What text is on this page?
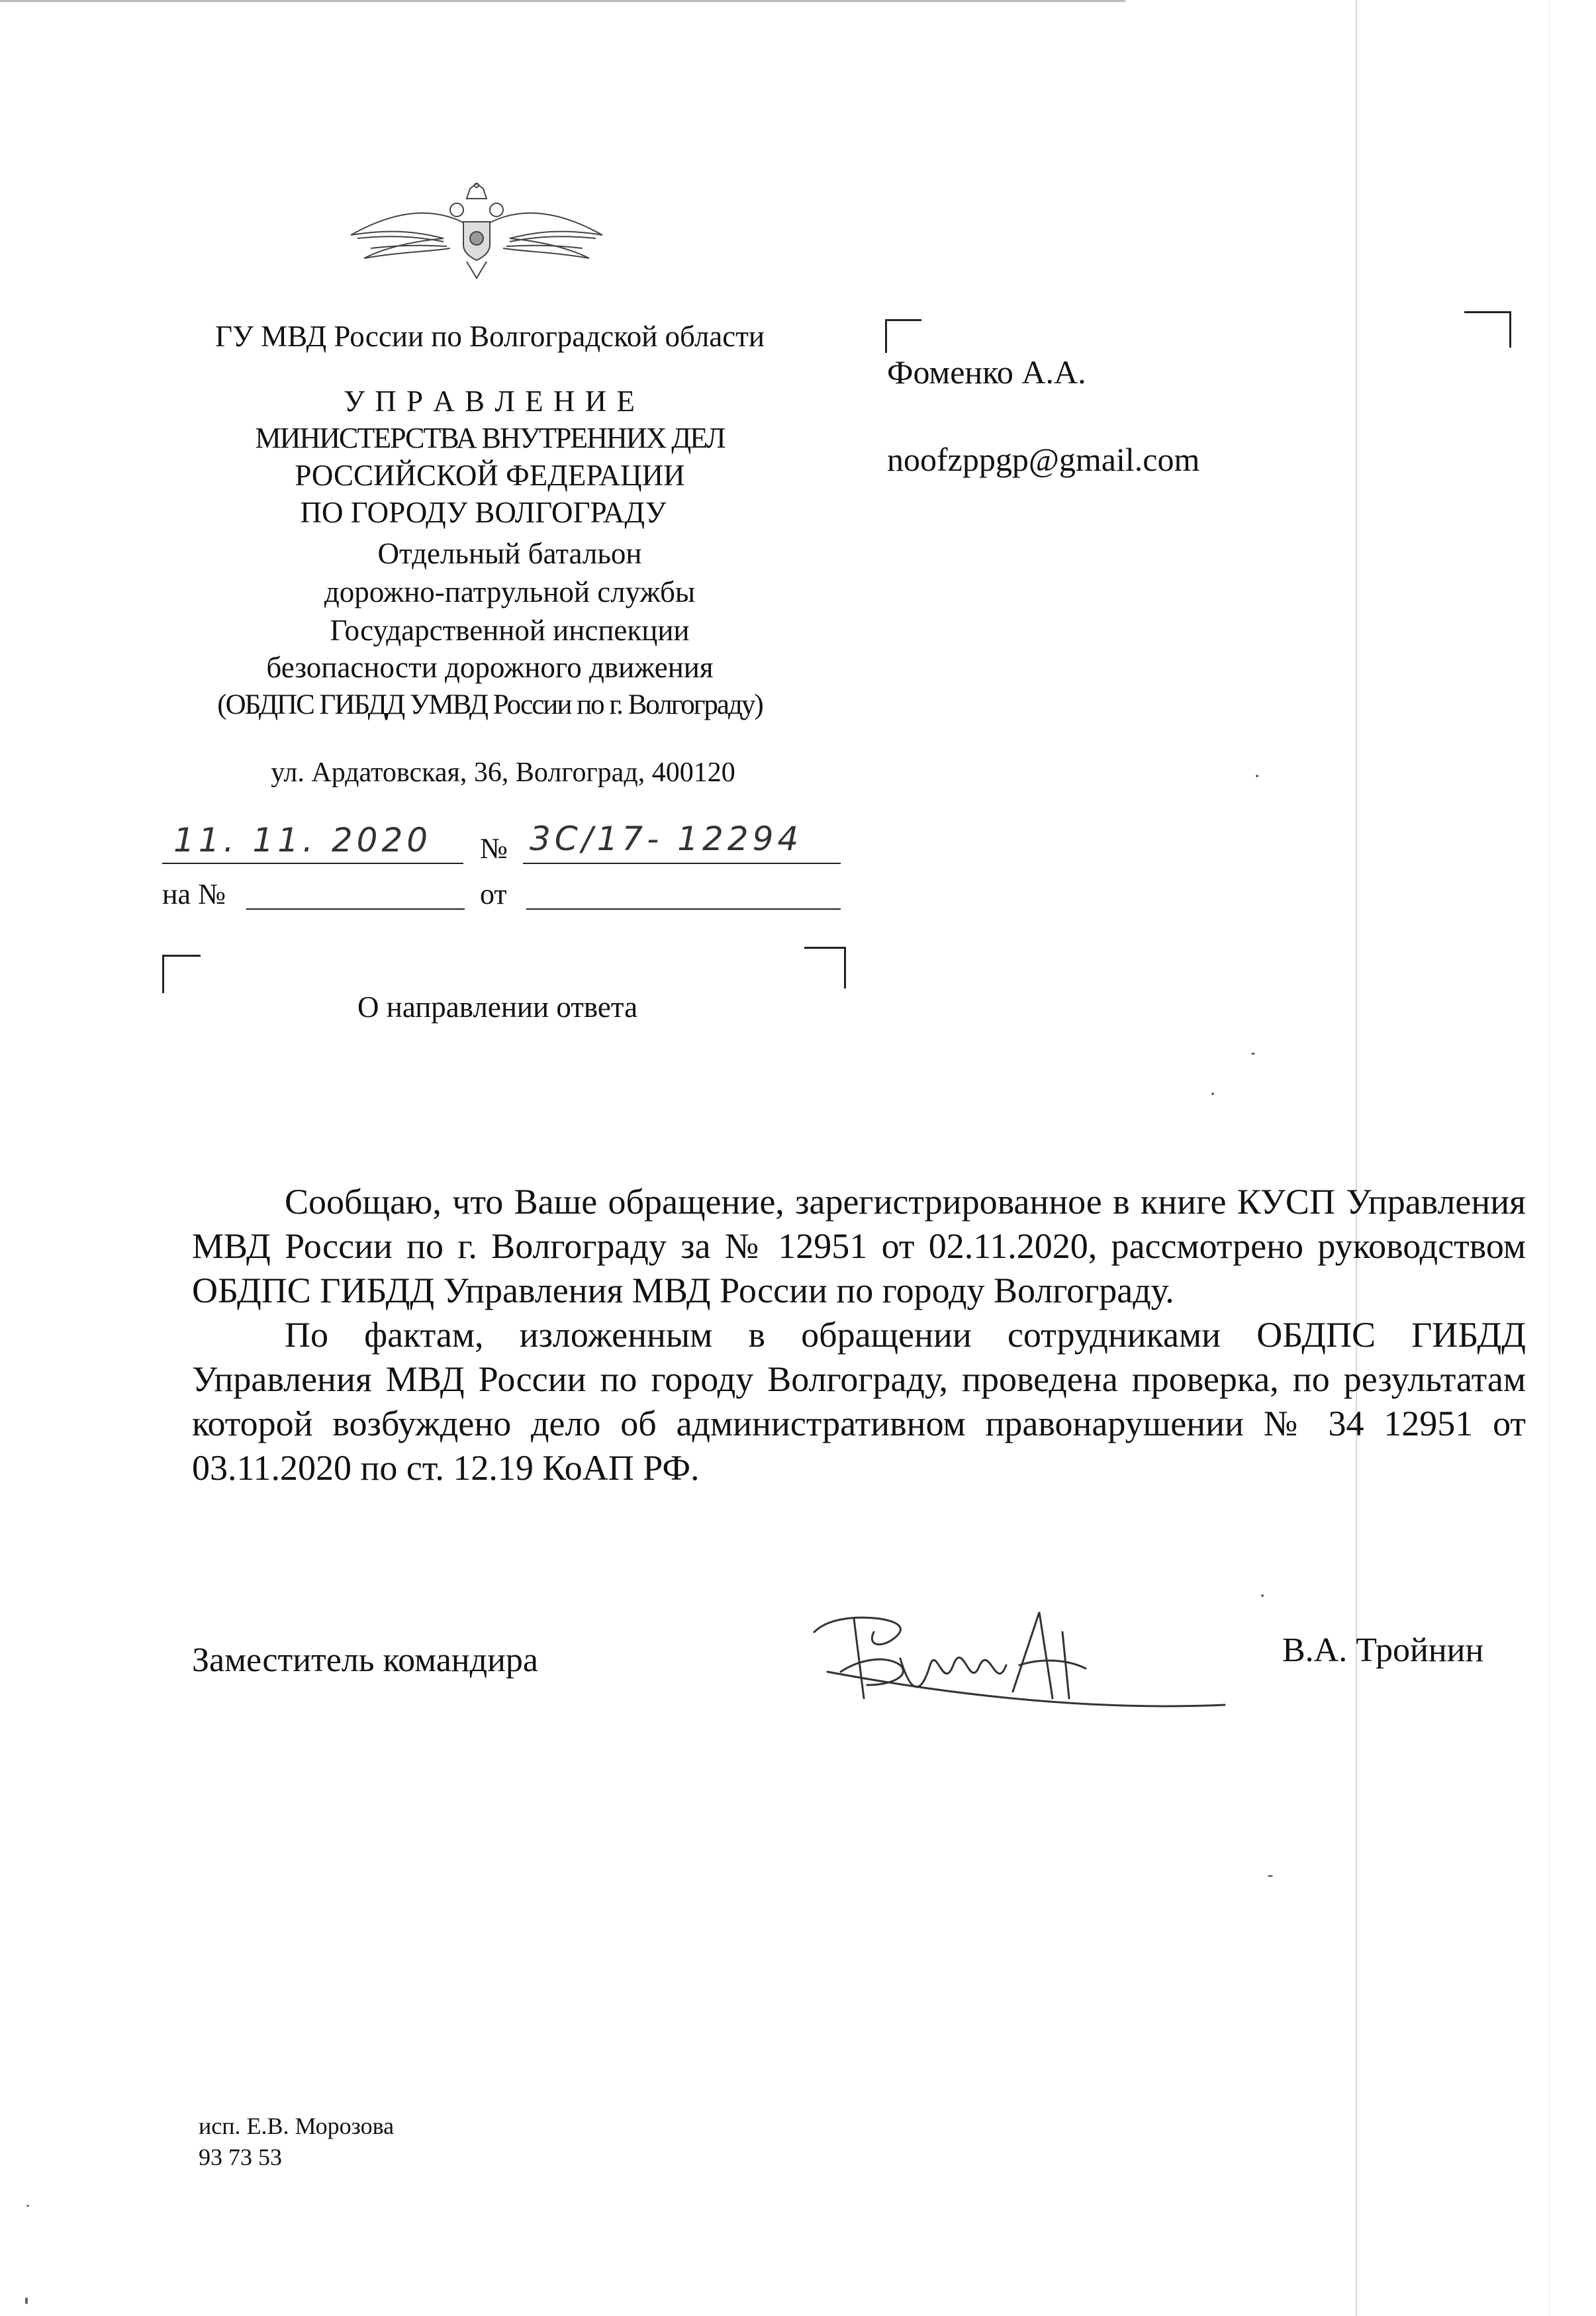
ГУ МВД России по Волгоградской области
У П Р А В Л Е Н И Е
МИНИСТЕРСТВА ВНУТРЕННИХ ДЕЛ
РОССИЙСКОЙ ФЕДЕРАЦИИ
ПО ГОРОДУ ВОЛГОГРАДУ
Отдельный батальон
дорожно-патрульной службы
Государственной инспекции
безопасности дорожного движения
(ОБДПС ГИБДД УМВД России по г. Волгограду)
ул. Ардатовская, 36, Волгоград, 400120
11. 11. 2020 № 3С/17- 12294
на №	от
О направлении ответа
Фоменко А.А.
noofzppgp@gmail.com

Сообщаю, что Ваше обращение, зарегистрированное в книге КУСП Управления МВД России по г. Волгограду за № 12951 от 02.11.2020, рассмотрено руководством ОБДПС ГИБДД Управления МВД России по городу Волгограду.

По фактам, изложенным в обращении сотрудниками ОБДПС ГИБДД Управления МВД России по городу Волгограду, проведена проверка, по результатам которой возбуждено дело об административном правонарушении № 34 12951 от 03.11.2020 по ст. 12.19 КоАП РФ.

Заместитель командира	В.А. Тройнин
исп. Е.В. Морозова
93 73 53
